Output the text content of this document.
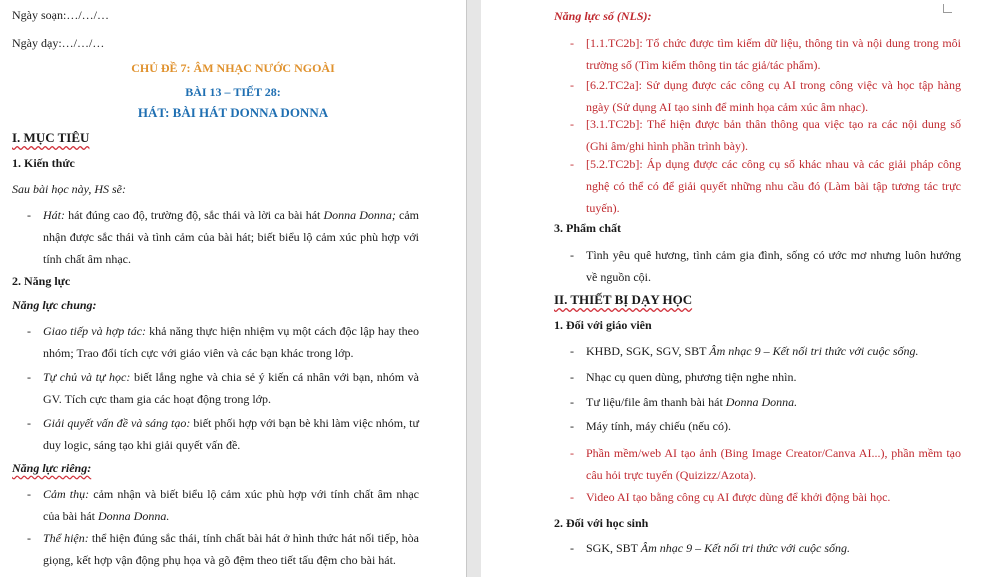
Ngày soạn:…/…/…
Ngày dạy:…/…/…
CHỦ ĐỀ 7: ÂM NHẠC NƯỚC NGOÀI
BÀI 13 – TIẾT 28:
HÁT: BÀI HÁT DONNA DONNA
I. MỤC TIÊU
1. Kiến thức
Sau bài học này, HS sẽ:
- Hát: hát đúng cao độ, trường độ, sắc thái và lời ca bài hát Donna Donna; cảm nhận được sắc thái và tình cảm của bài hát; biết biểu lộ cảm xúc phù hợp với tính chất âm nhạc.
2. Năng lực
Năng lực chung:
- Giao tiếp và hợp tác: khả năng thực hiện nhiệm vụ một cách độc lập hay theo nhóm; Trao đổi tích cực với giáo viên và các bạn khác trong lớp.
- Tự chủ và tự học: biết lắng nghe và chia sẻ ý kiến cá nhân với bạn, nhóm và GV. Tích cực tham gia các hoạt động trong lớp.
- Giải quyết vấn đề và sáng tạo: biết phối hợp với bạn bè khi làm việc nhóm, tư duy logic, sáng tạo khi giải quyết vấn đề.
Năng lực riêng:
- Cảm thụ: cảm nhận và biết biểu lộ cảm xúc phù hợp với tính chất âm nhạc của bài hát Donna Donna.
- Thể hiện: thể hiện đúng sắc thái, tính chất bài hát ở hình thức hát nối tiếp, hòa giọng, kết hợp vận động phụ họa và gõ đệm theo tiết tấu đệm cho bài hát.
Năng lực số (NLS):
- [1.1.TC2b]: Tổ chức được tìm kiếm dữ liệu, thông tin và nội dung trong môi trường số (Tìm kiếm thông tin tác giả/tác phẩm).
- [6.2.TC2a]: Sử dụng được các công cụ AI trong công việc và học tập hàng ngày (Sử dụng AI tạo sinh để minh họa cảm xúc âm nhạc).
- [3.1.TC2b]: Thể hiện được bản thân thông qua việc tạo ra các nội dung số (Ghi âm/ghi hình phần trình bày).
- [5.2.TC2b]: Áp dụng được các công cụ số khác nhau và các giải pháp công nghệ có thể có để giải quyết những nhu cầu đó (Làm bài tập tương tác trực tuyến).
3. Phẩm chất
- Tình yêu quê hương, tình cảm gia đình, sống có ước mơ nhưng luôn hướng về nguồn cội.
II. THIẾT BỊ DẠY HỌC
1. Đối với giáo viên
- KHBD, SGK, SGV, SBT Âm nhạc 9 – Kết nối tri thức với cuộc sống.
- Nhạc cụ quen dùng, phương tiện nghe nhìn.
- Tư liệu/file âm thanh bài hát Donna Donna.
- Máy tính, máy chiếu (nếu có).
- Phần mềm/web AI tạo ảnh (Bing Image Creator/Canva AI...), phần mềm tạo câu hỏi trực tuyến (Quizizz/Azota).
- Video AI tạo bằng công cụ AI được dùng để khởi động bài học.
2. Đối với học sinh
- SGK, SBT Âm nhạc 9 – Kết nối tri thức với cuộc sống.
